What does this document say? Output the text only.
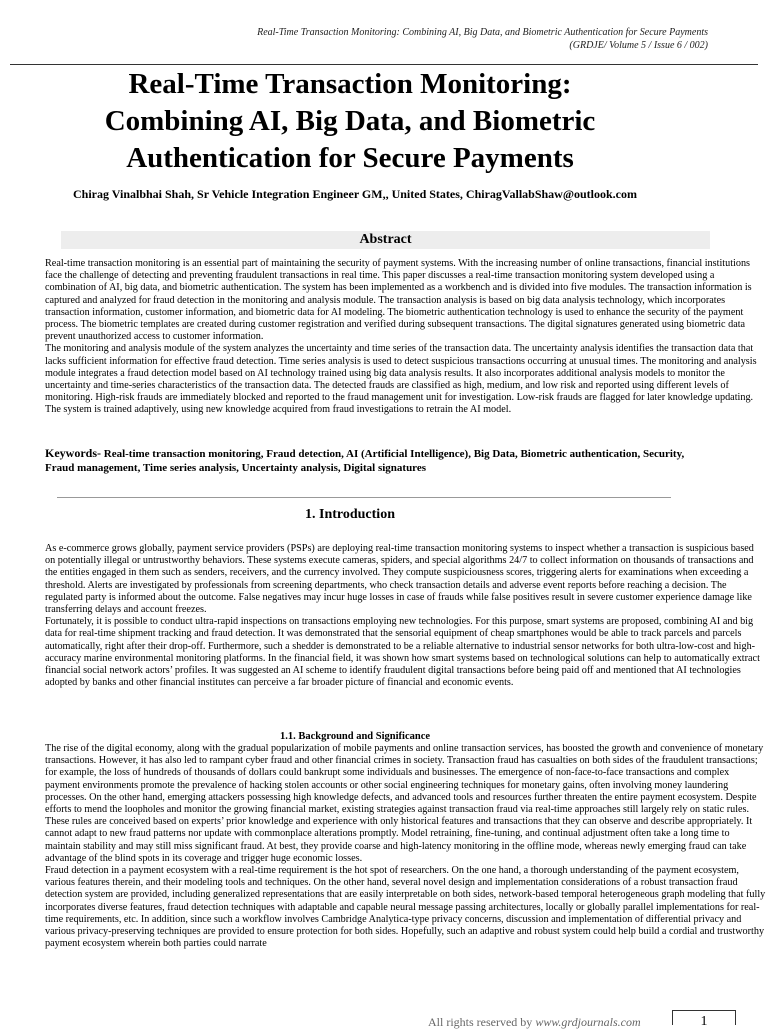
Real-Time Transaction Monitoring: Combining AI, Big Data, and Biometric Authentication for Secure Payments
(GRDJE/ Volume 5 / Issue 6 / 002)
Real-Time Transaction Monitoring:
Combining AI, Big Data, and Biometric
Authentication for Secure Payments
Chirag Vinalbhai Shah, Sr Vehicle Integration Engineer GM,, United States, ChiragVallabShaw@outlook.com
Abstract

Real-time transaction monitoring is an essential part of maintaining the security of payment systems. With the increasing number of online transactions, financial institutions face the challenge of detecting and preventing fraudulent transactions in real time. This paper discusses a real-time transaction monitoring system developed using a combination of AI, big data, and biometric authentication. The system has been implemented as a workbench and is divided into five modules. The transaction information is captured and analyzed for fraud detection in the monitoring and analysis module. The transaction analysis is based on big data analysis technology, which incorporates transaction information, customer information, and biometric data for AI modeling. The biometric authentication technology is used to enhance the security of the payment process. The biometric templates are created during customer registration and verified during subsequent transactions. The digital signatures generated using biometric data prevent unauthorized access to customer information.

The monitoring and analysis module of the system analyzes the uncertainty and time series of the transaction data. The uncertainty analysis identifies the transaction data that lacks sufficient information for effective fraud detection. Time series analysis is used to detect suspicious transactions occurring at unusual times. The monitoring and analysis module integrates a fraud detection model based on AI technology trained using big data analysis results. It also incorporates additional analysis models to monitor the uncertainty and time-series characteristics of the transaction data. The detected frauds are classified as high, medium, and low risk and reported using different levels of monitoring. High-risk frauds are immediately blocked and reported to the fraud management unit for investigation. Low-risk frauds are flagged for later knowledge updating. The system is trained adaptively, using new knowledge acquired from fraud investigations to retrain the AI model.

Keywords- Real-time transaction monitoring, Fraud detection, AI (Artificial Intelligence), Big Data, Biometric authentication, Security, Fraud management, Time series analysis, Uncertainty analysis, Digital signatures
1. Introduction

As e-commerce grows globally, payment service providers (PSPs) are deploying real-time transaction monitoring systems to inspect whether a transaction is suspicious based on potentially illegal or untrustworthy behaviors. These systems execute cameras, spiders, and special algorithms 24/7 to collect information on thousands of transactions and the entities engaged in them such as senders, receivers, and the currency involved. They compute suspiciousness scores, triggering alerts for examinations when exceeding a threshold. Alerts are investigated by professionals from screening departments, who check transaction details and adverse event reports before reaching a decision. The regulated party is informed about the outcome. False negatives may incur huge losses in case of frauds while false positives result in severe customer experience damage like transferring delays and account freezes.

Fortunately, it is possible to conduct ultra-rapid inspections on transactions employing new technologies. For this purpose, smart systems are proposed, combining AI and big data for real-time shipment tracking and fraud detection. It was demonstrated that the sensorial equipment of cheap smartphones would be able to track parcels and parcels automatically, right after their drop-off. Furthermore, such a shedder is demonstrated to be a reliable alternative to industrial sensor networks for both ultra-low-cost and high-accuracy marine environmental monitoring platforms. In the financial field, it was shown how smart systems based on technological solutions can help to automatically extract financial social network actors’ profiles. It was suggested an AI scheme to identify fraudulent digital transactions before being paid off and mentioned that AI technologies adopted by banks and other financial institutes can perceive a far broader picture of financial and economic events.

1.1. Background and Significance

The rise of the digital economy, along with the gradual popularization of mobile payments and online transaction services, has boosted the growth and convenience of monetary transactions. However, it has also led to rampant cyber fraud and other financial crimes in society. Transaction fraud has casualties on both sides of the fraudulent transactions; for example, the loss of hundreds of thousands of dollars could bankrupt some individuals and businesses. The emergence of non-face-to-face transactions and complex payment environments promote the prevalence of hacking stolen accounts or other social engineering techniques for monetary gains, often involving money laundering processes. On the other hand, emerging attackers possessing high knowledge defects, and advanced tools and resources further threaten the entire payment ecosystem. Despite efforts to mend the loopholes and monitor the growing financial market, existing strategies against transaction fraud via real-time approaches still largely rely on static rules. These rules are conceived based on experts’ prior knowledge and experience with only historical features and transactions that they can observe and describe appropriately. It cannot adapt to new fraud patterns nor update with commonplace alterations promptly. Model retraining, fine-tuning, and continual adjustment often take a long time to maintain stability and may still miss significant fraud. At best, they provide coarse and high-latency monitoring in the offline mode, whereas newly emerging fraud can take advantage of the blind spots in its coverage and trigger huge economic losses.

Fraud detection in a payment ecosystem with a real-time requirement is the hot spot of researchers. On the one hand, a thorough understanding of the payment ecosystem, various features therein, and their modeling tools and techniques. On the other hand, several novel design and implementation considerations of a robust transaction fraud detection system are provided, including generalized representations that are easily interpretable on both sides, network-based temporal heterogeneous graph modeling that fully incorporates diverse features, fraud detection techniques with adaptable and capable neural message passing architectures, locally or globally parallel implementations for real-time requirements, etc. In addition, since such a workflow involves Cambridge Analytica-type privacy concerns, discussion and implementation of differential privacy and various privacy-preserving techniques are provided to ensure protection for both sides. Hopefully, such an adaptive and robust system could help build a cordial and trustworthy payment ecosystem wherein both parties could narrate

All rights reserved by www.grdjournals.com	1
